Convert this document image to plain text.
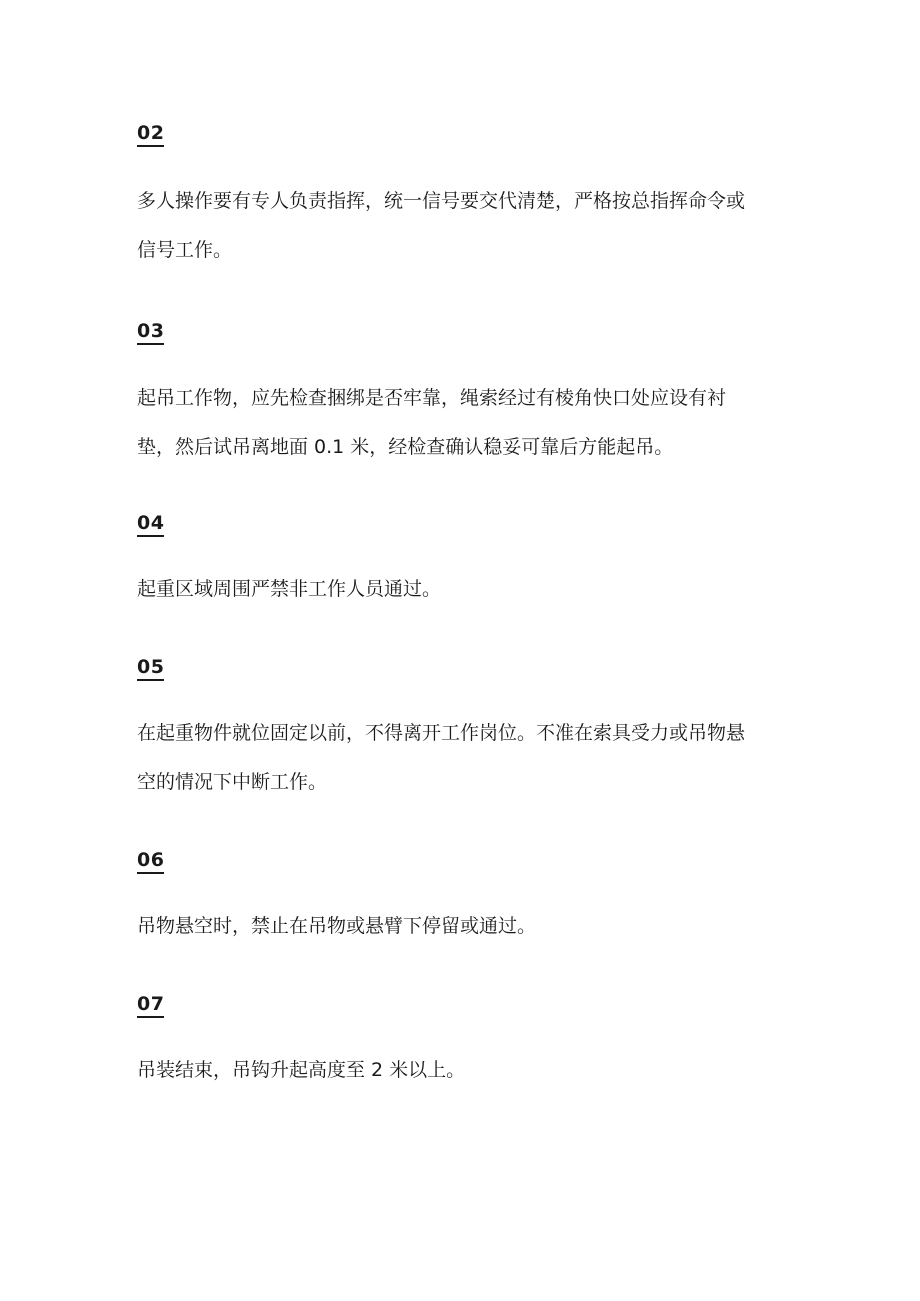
02
多人操作要有专人负责指挥，统一信号要交代清楚，严格按总指挥命令或
信号工作。
03
起吊工作物，应先检查捆绑是否牢靠，绳索经过有棱角快口处应设有衬
垫，然后试吊离地面 0.1 米，经检查确认稳妥可靠后方能起吊。
04
起重区域周围严禁非工作人员通过。
05
在起重物件就位固定以前，不得离开工作岗位。不准在索具受力或吊物悬
空的情况下中断工作。
06
吊物悬空时，禁止在吊物或悬臂下停留或通过。
07
吊装结束，吊钩升起高度至 2 米以上。
